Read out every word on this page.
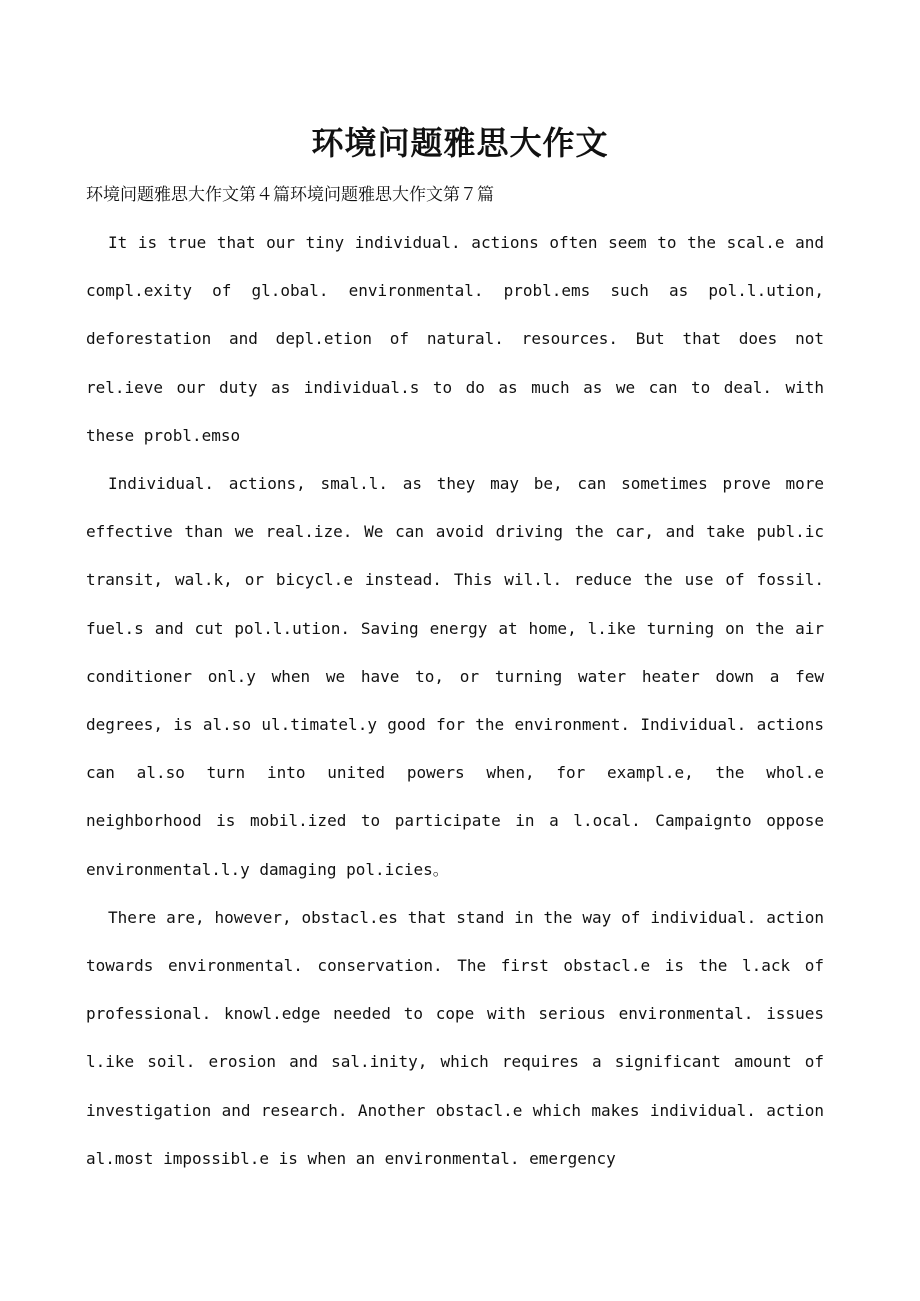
环境问题雅思大作文

环境问题雅思大作文第４篇环境问题雅思大作文第７篇

It is true that our tiny individual. actions often seem to the scal.e and compl.exity of gl.obal. environmental. probl.ems such as pol.l.ution, deforestation and depl.etion of natural. resources. But that does not rel.ieve our duty as individual.s to do as much as we can to deal. with these probl.emso

Individual. actions, smal.l. as they may be, can sometimes prove more effective than we real.ize. We can avoid driving the car, and take publ.ic transit, wal.k, or bicycl.e instead. This wil.l. reduce the use of fossil. fuel.s and cut pol.l.ution. Saving energy at home, l.ike turning on the air conditioner onl.y when we have to, or turning water heater down a few degrees, is al.so ul.timatel.y good for the environment. Individual. actions can al.so turn into united powers when, for exampl.e, the whol.e neighborhood is mobil.ized to participate in a l.ocal. Campaignto oppose environmental.l.y damaging pol.icies。

There are, however, obstacl.es that stand in the way of individual. action towards environmental. conservation. The first obstacl.e is the l.ack of professional. knowl.edge needed to cope with serious environmental. issues l.ike soil. erosion and sal.inity, which requires a significant amount of investigation and research. Another obstacl.e which makes individual. action al.most impossibl.e is when an environmental. emergency
